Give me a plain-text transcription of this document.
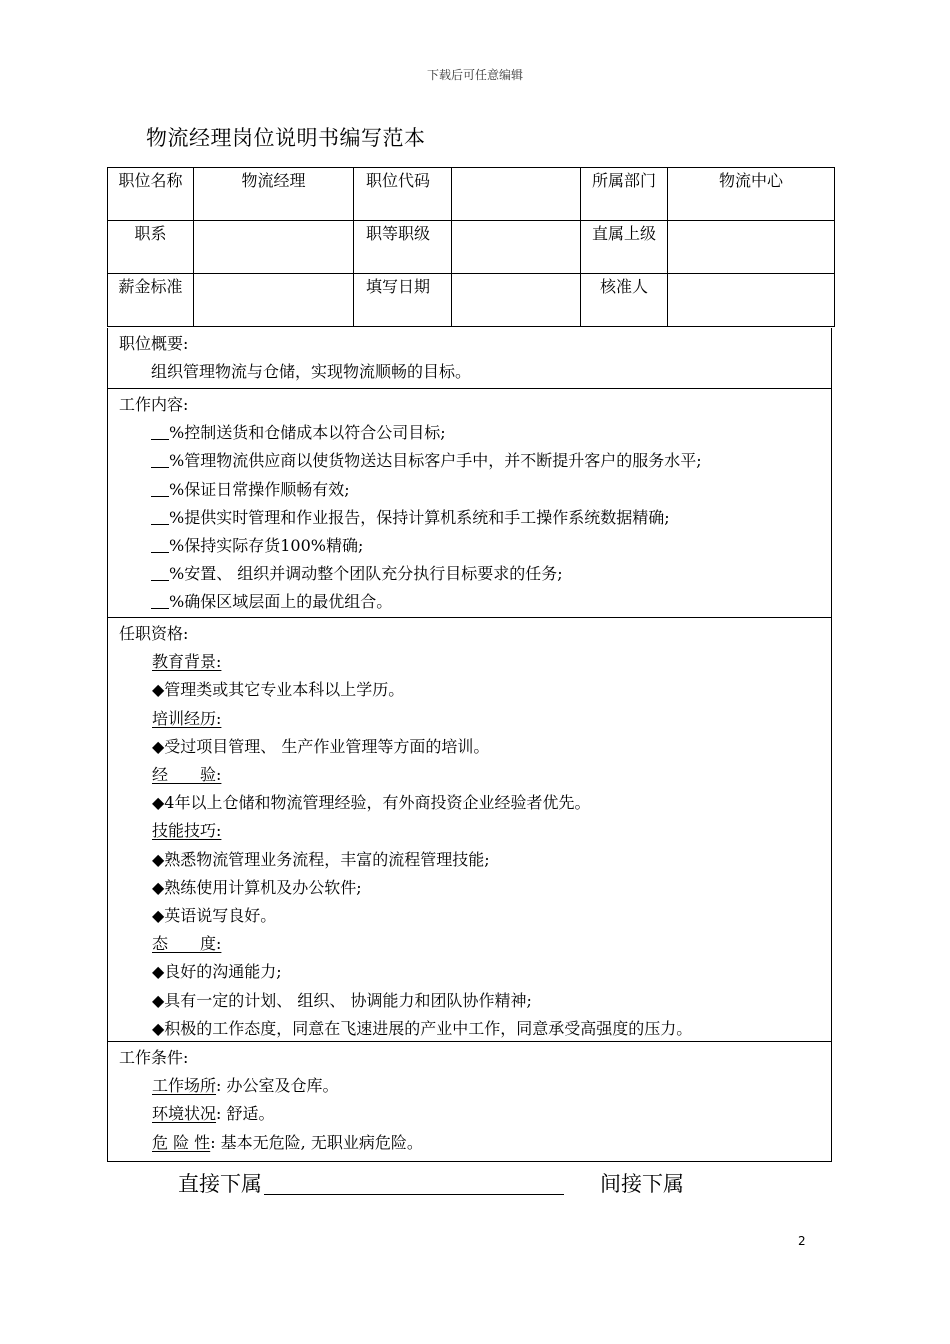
下载后可任意编辑
物流经理岗位说明书编写范本
职位名称	物流经理	职位代码		所属部门	物流中心
职系		职等职级		直属上级	
薪金标准		填写日期		核准人	
职位概要:
组织管理物流与仓储，实现物流顺畅的目标。
工作内容:
%控制送货和仓储成本以符合公司目标;
%管理物流供应商以使货物送达目标客户手中，并不断提升客户的服务水平;
%保证日常操作顺畅有效;
%提供实时管理和作业报告，保持计算机系统和手工操作系统数据精确;
%保持实际存货100%精确;
%安置、 组织并调动整个团队充分执行目标要求的任务;
%确保区域层面上的最优组合。
任职资格:
教育背景:
◆管理类或其它专业本科以上学历。
培训经历:
◆受过项目管理、 生产作业管理等方面的培训。
经　　验:
◆4年以上仓储和物流管理经验，有外商投资企业经验者优先。
技能技巧:
◆熟悉物流管理业务流程，丰富的流程管理技能;
◆熟练使用计算机及办公软件;
◆英语说写良好。
态　　度:
◆良好的沟通能力;
◆具有一定的计划、 组织、 协调能力和团队协作精神;
◆积极的工作态度，同意在飞速进展的产业中工作，同意承受高强度的压力。
工作条件:
工作场所: 办公室及仓库。
环境状况: 舒适。
危 险 性: 基本无危险, 无职业病危险。
直接下属	间接下属
2
